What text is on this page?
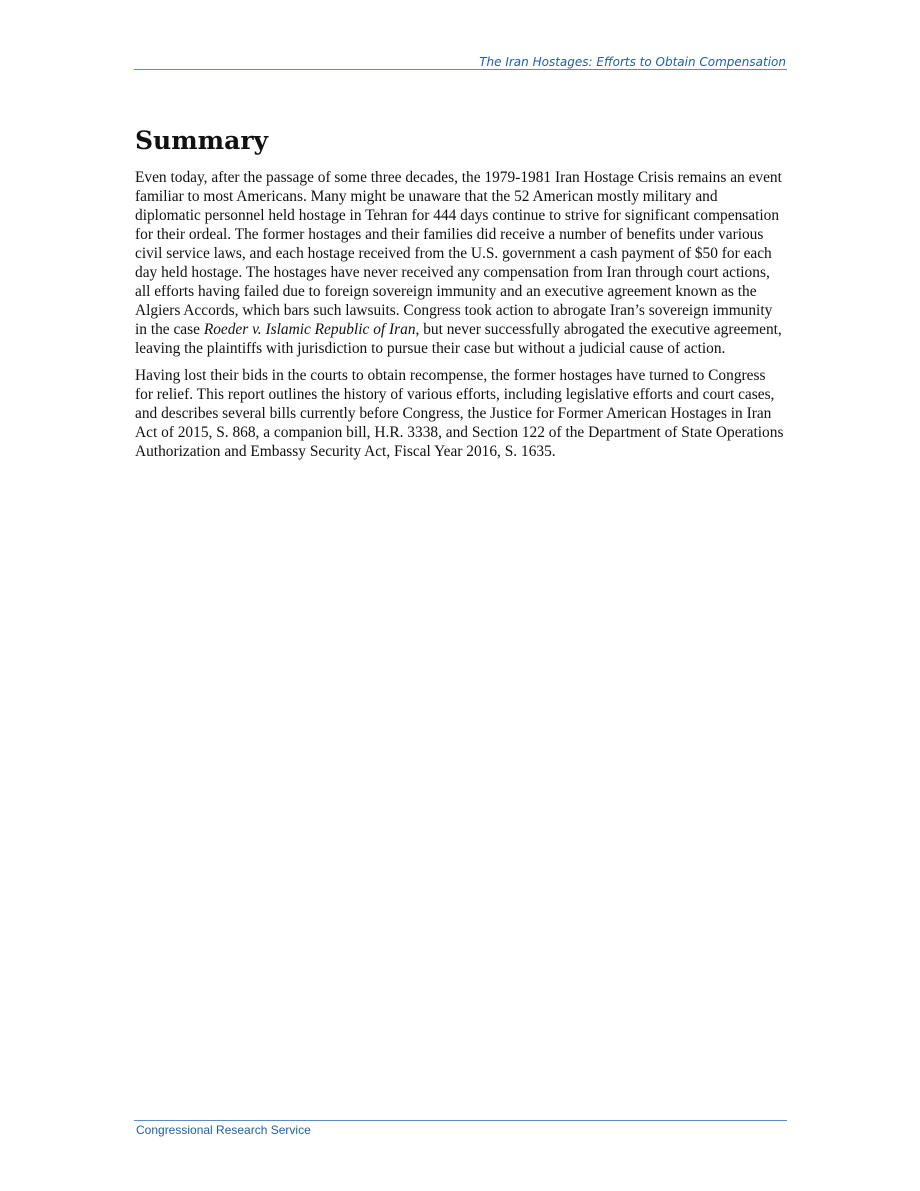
The Iran Hostages: Efforts to Obtain Compensation
Summary

Even today, after the passage of some three decades, the 1979-1981 Iran Hostage Crisis remains an event familiar to most Americans. Many might be unaware that the 52 American mostly military and diplomatic personnel held hostage in Tehran for 444 days continue to strive for significant compensation for their ordeal. The former hostages and their families did receive a number of benefits under various civil service laws, and each hostage received from the U.S. government a cash payment of $50 for each day held hostage. The hostages have never received any compensation from Iran through court actions, all efforts having failed due to foreign sovereign immunity and an executive agreement known as the Algiers Accords, which bars such lawsuits. Congress took action to abrogate Iran’s sovereign immunity in the case Roeder v. Islamic Republic of Iran, but never successfully abrogated the executive agreement, leaving the plaintiffs with jurisdiction to pursue their case but without a judicial cause of action.

Having lost their bids in the courts to obtain recompense, the former hostages have turned to Congress for relief. This report outlines the history of various efforts, including legislative efforts and court cases, and describes several bills currently before Congress, the Justice for Former American Hostages in Iran Act of 2015, S. 868, a companion bill, H.R. 3338, and Section 122 of the Department of State Operations Authorization and Embassy Security Act, Fiscal Year 2016, S. 1635.

Congressional Research Service
